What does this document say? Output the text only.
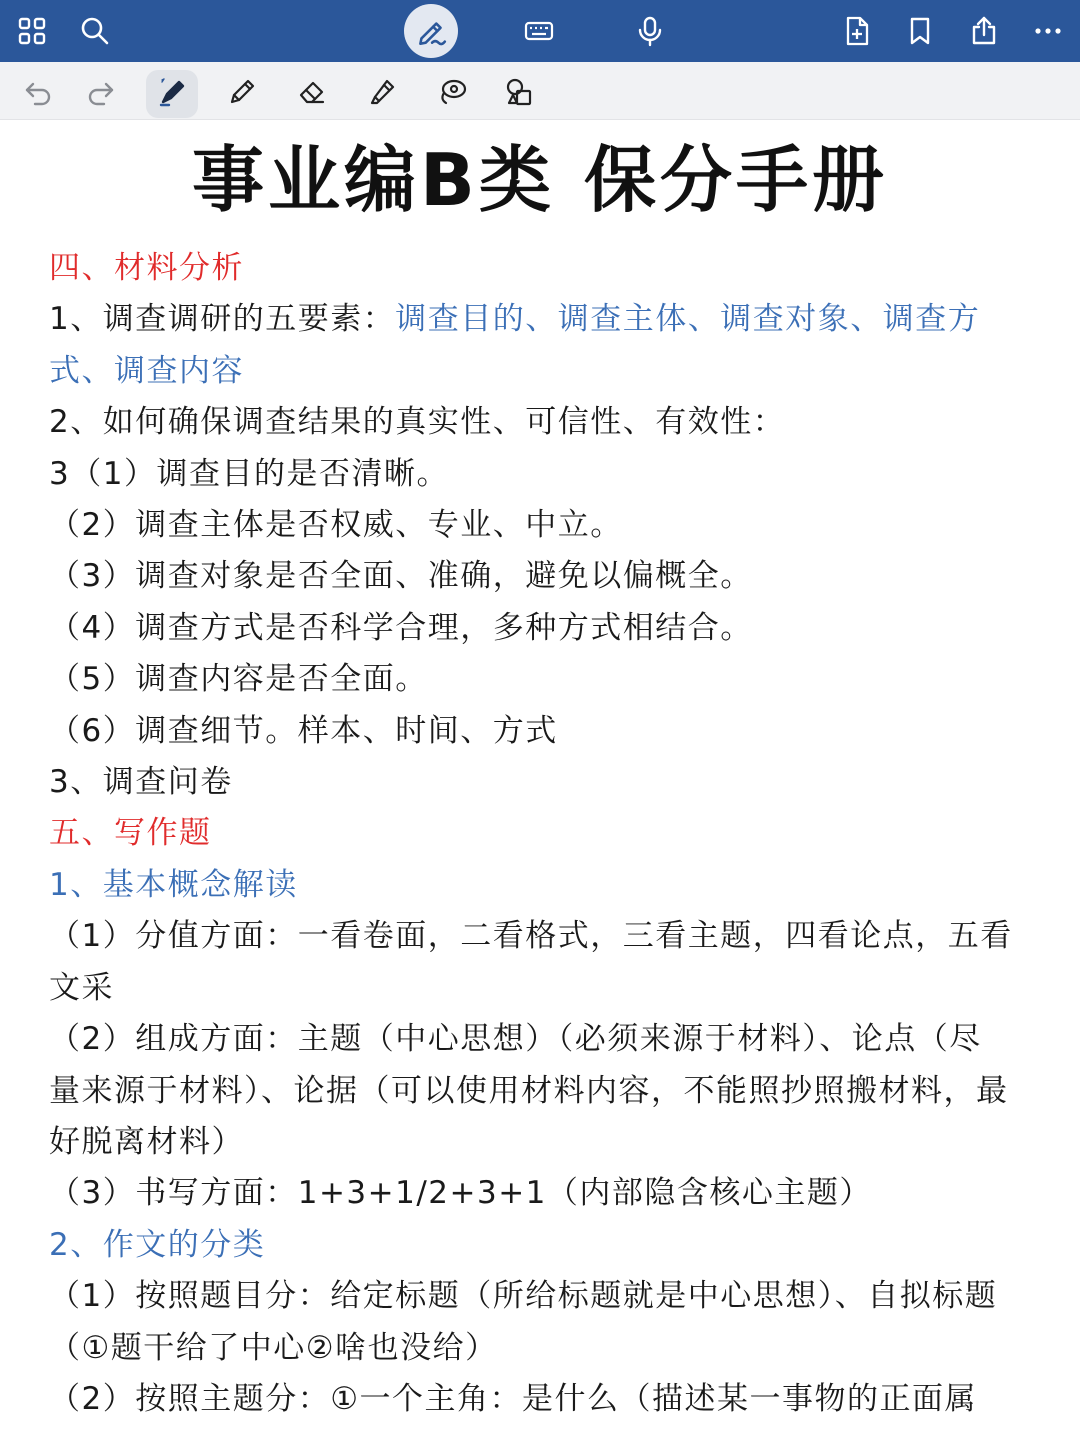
事业编B类 保分手册
四、材料分析
1、调查调研的五要素：调查目的、调查主体、调查对象、调查方
式、调查内容
2、如何确保调查结果的真实性、可信性、有效性：
3（1）调查目的是否清晰。
（2）调查主体是否权威、专业、中立。
（3）调查对象是否全面、准确，避免以偏概全。
（4）调查方式是否科学合理，多种方式相结合。
（5）调查内容是否全面。
（6）调查细节。样本、时间、方式
3、调查问卷
五、写作题
1、基本概念解读
（1）分值方面：一看卷面，二看格式，三看主题，四看论点，五看
文采
（2）组成方面：主题（中心思想）（必须来源于材料）、论点（尽
量来源于材料）、论据（可以使用材料内容，不能照抄照搬材料，最
好脱离材料）
（3）书写方面：1+3+1/2+3+1（内部隐含核心主题）
2、作文的分类
（1）按照题目分：给定标题（所给标题就是中心思想）、自拟标题
（①题干给了中心②啥也没给）
（2）按照主题分：①一个主角：是什么（描述某一事物的正面属
